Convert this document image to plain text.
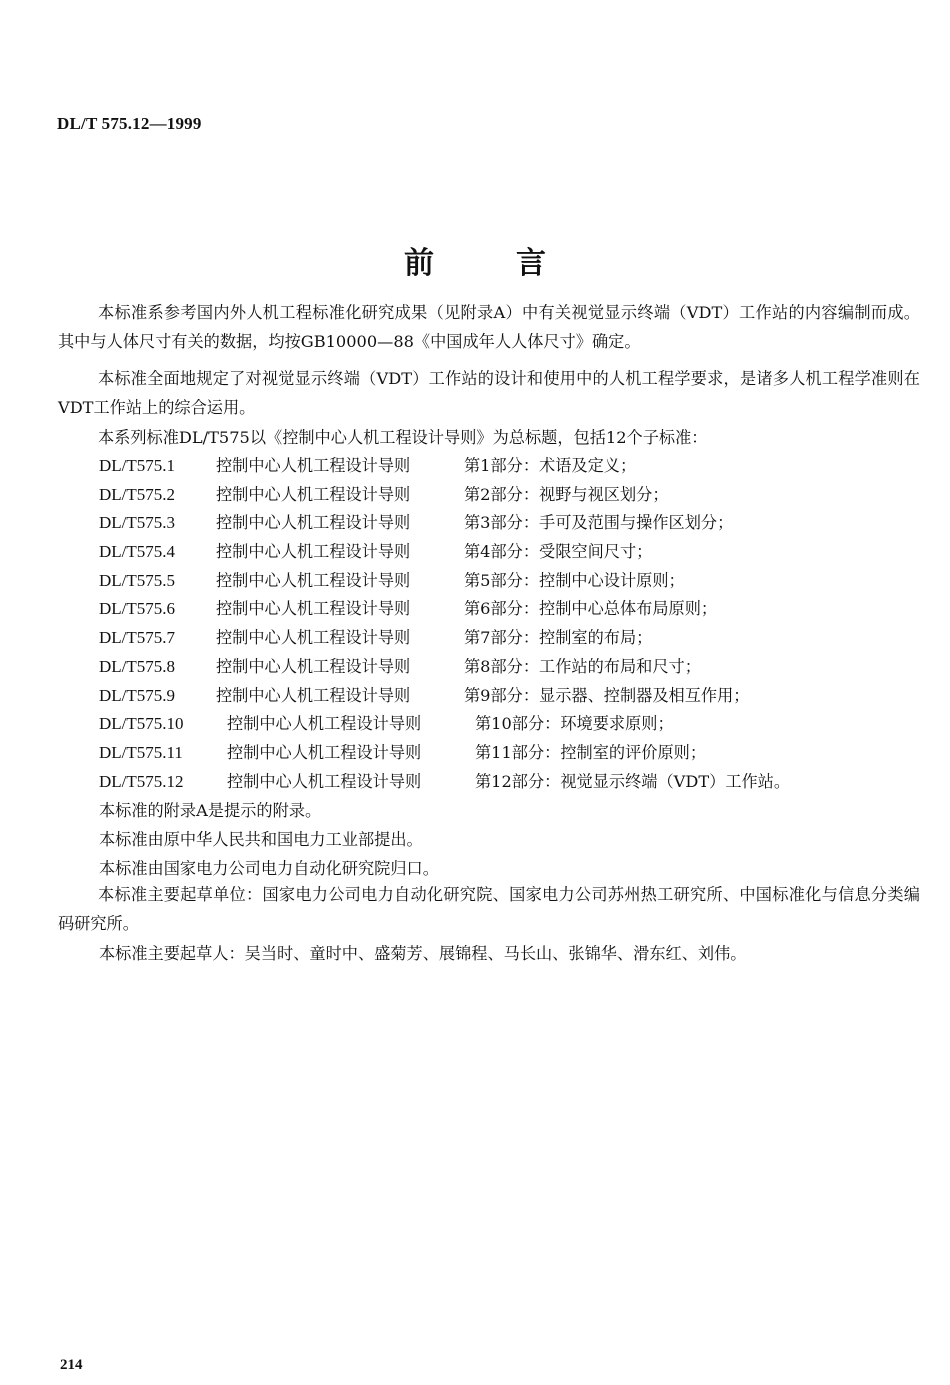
DL/T 575.12—1999
前言
本标准系参考国内外人机工程标准化研究成果（见附录A）中有关视觉显示终端（VDT）工作站的内容编制而成。其中与人体尺寸有关的数据，均按GB10000—88《中国成年人人体尺寸》确定。
本标准全面地规定了对视觉显示终端（VDT）工作站的设计和使用中的人机工程学要求，是诸多人机工程学准则在VDT工作站上的综合运用。
本系列标准DL/T575以《控制中心人机工程设计导则》为总标题，包括12个子标准：
DL/T575.1	控制中心人机工程设计导则	第1部分：术语及定义；
DL/T575.2	控制中心人机工程设计导则	第2部分：视野与视区划分；
DL/T575.3	控制中心人机工程设计导则	第3部分：手可及范围与操作区划分；
DL/T575.4	控制中心人机工程设计导则	第4部分：受限空间尺寸；
DL/T575.5	控制中心人机工程设计导则	第5部分：控制中心设计原则；
DL/T575.6	控制中心人机工程设计导则	第6部分：控制中心总体布局原则；
DL/T575.7	控制中心人机工程设计导则	第7部分：控制室的布局；
DL/T575.8	控制中心人机工程设计导则	第8部分：工作站的布局和尺寸；
DL/T575.9	控制中心人机工程设计导则	第9部分：显示器、控制器及相互作用；
DL/T575.10	控制中心人机工程设计导则	第10部分：环境要求原则；
DL/T575.11	控制中心人机工程设计导则	第11部分：控制室的评价原则；
DL/T575.12	控制中心人机工程设计导则	第12部分：视觉显示终端（VDT）工作站。
本标准的附录A是提示的附录。
本标准由原中华人民共和国电力工业部提出。
本标准由国家电力公司电力自动化研究院归口。
本标准主要起草单位：国家电力公司电力自动化研究院、国家电力公司苏州热工研究所、中国标准化与信息分类编码研究所。
本标准主要起草人：吴当时、童时中、盛菊芳、展锦程、马长山、张锦华、滑东红、刘伟。
214
